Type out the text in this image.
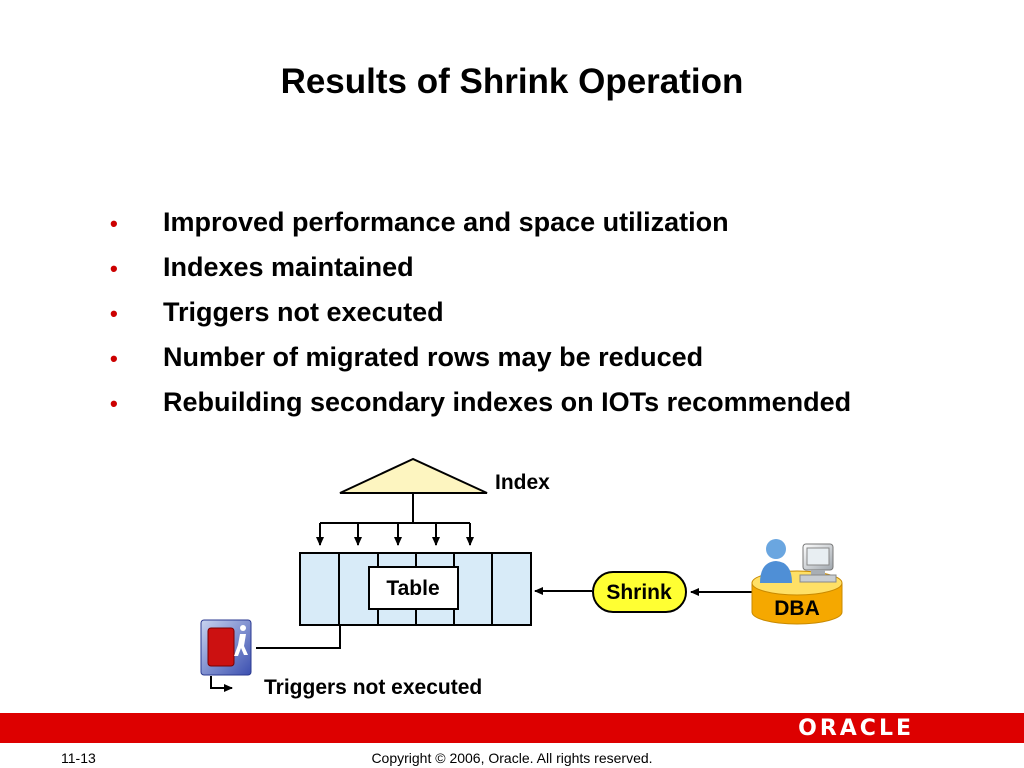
Results of Shrink Operation
• Improved performance and space utilization
• Indexes maintained
• Triggers not executed
• Number of migrated rows may be reduced
• Rebuilding secondary indexes on IOTs recommended
Index
Table	Shrink
DBA
Triggers not executed
ORACLE
11-13	Copyright © 2006, Oracle. All rights reserved.
